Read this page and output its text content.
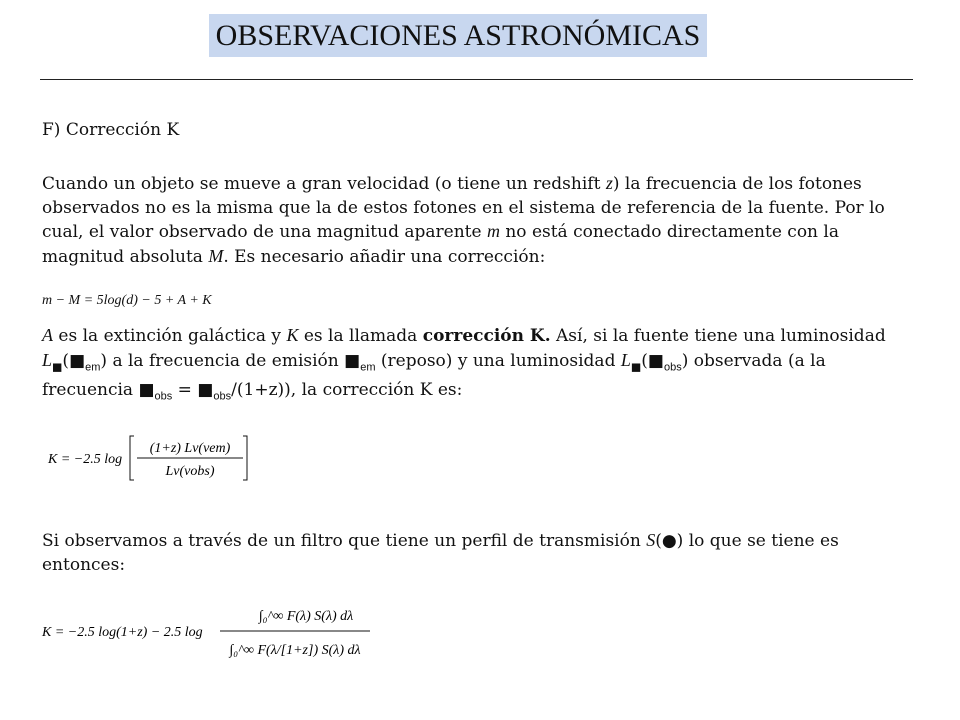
OBSERVACIONES ASTRONÓMICAS
F) Corrección K
Cuando un objeto se mueve a gran velocidad (o tiene un redshift z) la frecuencia de los fotones observados no es la misma que la de estos fotones en el sistema de referencia de la fuente. Por lo cual, el valor observado de una magnitud aparente m no está conectado directamente con la magnitud absoluta M. Es necesario añadir una corrección:
m − M = 5log(d) − 5 + A + K
A es la extinción galáctica y K es la llamada corrección K. Así, si la fuente tiene una luminosidad $L_■(■_{em})$ a la frecuencia de emisión $■_{em}$ (reposo) y una luminosidad $L_■(■_{obs})$ observada (a la frecuencia $■_{obs}$ = $■_{obs}/(1+z)$), la corrección K es:
K = −2.5 log
(1+z) Lν(νem)
Lν(νobs)
Si observamos a través de un filtro que tiene un perfil de transmisión S(●) lo que se tiene es entonces:
K = −2.5 log(1+z) − 2.5 log
∫₀^∞ F(λ) S(λ) dλ
∫₀^∞ F(λ/[1+z]) S(λ) dλ
